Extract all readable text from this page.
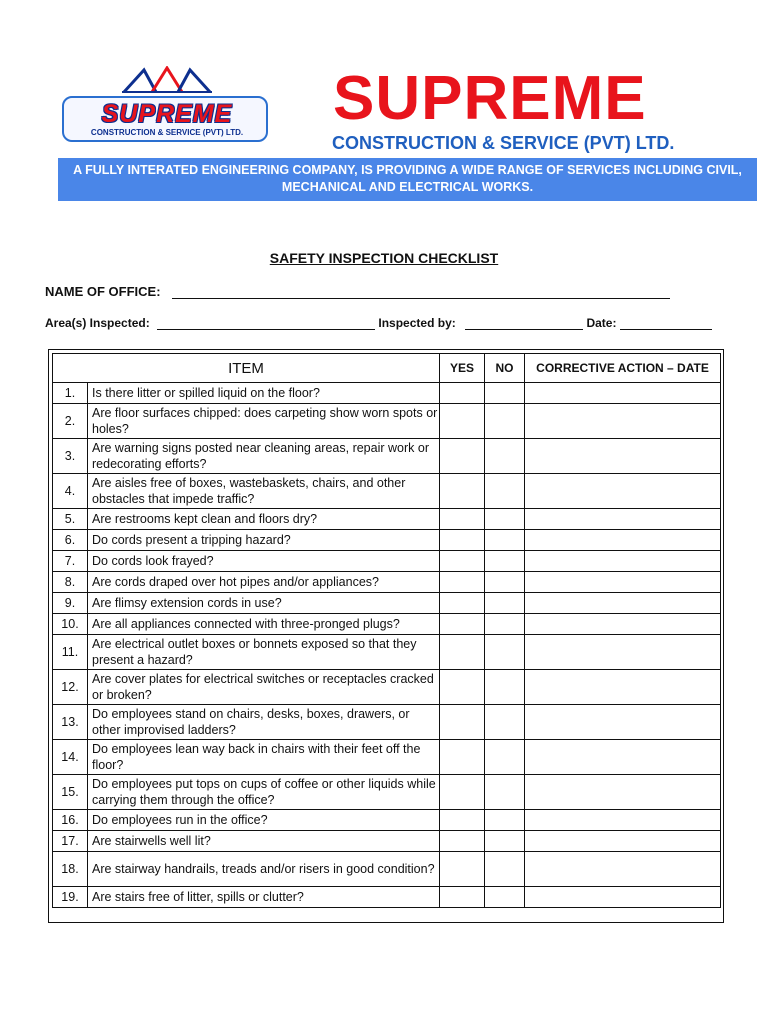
SUPREME
CONSTRUCTION & SERVICE (PVT) LTD.	SUPREME
CONSTRUCTION & SERVICE (PVT) LTD.
A FULLY INTERATED ENGINEERING COMPANY, IS PROVIDING A WIDE RANGE OF SERVICES INCLUDING CIVIL,
MECHANICAL AND ELECTRICAL WORKS.
SAFETY INSPECTION CHECKLIST
NAME OF OFFICE:
Area(s) Inspected:	Inspected by:	Date:
ITEM		YES	NO	CORRECTIVE ACTION – DATE
1.	Is there litter or spilled liquid on the floor?			
2.	Are floor surfaces chipped: does carpeting show worn spots or holes?			
3.	Are warning signs posted near cleaning areas, repair work or redecorating efforts?			
4.	Are aisles free of boxes, wastebaskets, chairs, and other obstacles that impede traffic?			
5.	Are restrooms kept clean and floors dry?			
6.	Do cords present a tripping hazard?			
7.	Do cords look frayed?			
8.	Are cords draped over hot pipes and/or appliances?			
9.	Are flimsy extension cords in use?			
10.	Are all appliances connected with three-pronged plugs?			
11.	Are electrical outlet boxes or bonnets exposed so that they present a hazard?			
12.	Are cover plates for electrical switches or receptacles cracked or broken?			
13.	Do employees stand on chairs, desks, boxes, drawers, or other improvised ladders?			
14.	Do employees lean way back in chairs with their feet off the floor?			
15.	Do employees put tops on cups of coffee or other liquids while carrying them through the office?			
16.	Do employees run in the office?			
17.	Are stairwells well lit?			
18.	Are stairway handrails, treads and/or risers in good condition?			
19.	Are stairs free of litter, spills or clutter?			
